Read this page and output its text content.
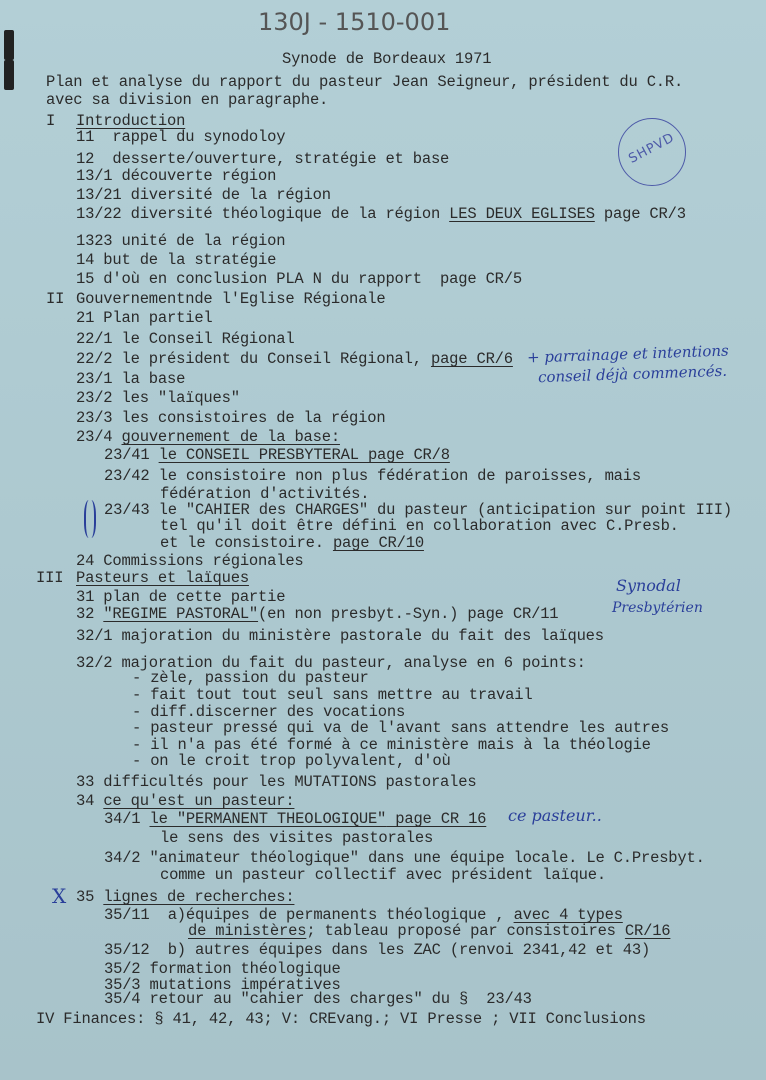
130J - 1510-001
SHPVD
Synode de Bordeaux 1971
Plan et analyse du rapport du pasteur Jean Seigneur, président du C.R.
avec sa division en paragraphe.
I Introduction
11  rappel du synodoloy
12  desserte/ouverture, stratégie et base
13/1 découverte région
13/21 diversité de la région
13/22 diversité théologique de la région LES DEUX EGLISES page CR/3
1323 unité de la région
14 but de la stratégie
15 d'où en conclusion PLA N du rapport  page CR/5
II Gouvernementnde l'Eglise Régionale
21 Plan partiel
22/1 le Conseil Régional
22/2 le président du Conseil Régional, page CR/6
23/1 la base
23/2 les "laïques"
23/3 les consistoires de la région
23/4 gouvernement de la base:
23/41 le CONSEIL PRESBYTERAL page CR/8
23/42 le consistoire non plus fédération de paroisses, mais
fédération d'activités.
23/43 le "CAHIER des CHARGES" du pasteur (anticipation sur point III)
tel qu'il doit être défini en collaboration avec C.Presb.
et le consistoire. page CR/10
24 Commissions régionales
III Pasteurs et laïques
31 plan de cette partie
32 "REGIME PASTORAL"(en non presbyt.-Syn.) page CR/11
32/1 majoration du ministère pastorale du fait des laïques
32/2 majoration du fait du pasteur, analyse en 6 points:
- zèle, passion du pasteur
- fait tout tout seul sans mettre au travail
- diff.discerner des vocations
- pasteur pressé qui va de l'avant sans attendre les autres
- il n'a pas été formé à ce ministère mais à la théologie
- on le croit trop polyvalent, d'où
33 difficultés pour les MUTATIONS pastorales
34 ce qu'est un pasteur:
34/1 le "PERMANENT THEOLOGIQUE" page CR 16
le sens des visites pastorales
34/2 "animateur théologique" dans une équipe locale. Le C.Presbyt.
comme un pasteur collectif avec président laïque.
35 lignes de recherches:
35/11  a)équipes de permanents théologique , avec 4 types
de ministères; tableau proposé par consistoires CR/16
35/12  b) autres équipes dans les ZAC (renvoi 2341,42 et 43)
35/2 formation théologique
35/3 mutations impératives
35/4 retour au "cahier des charges" du §  23/43
IV Finances: § 41, 42, 43; V: CREvang.; VI Presse ; VII Conclusions
+ parrainage et intentions
conseil déjà commencés.
Synodal
Presbytérien
ce pasteur..
X
